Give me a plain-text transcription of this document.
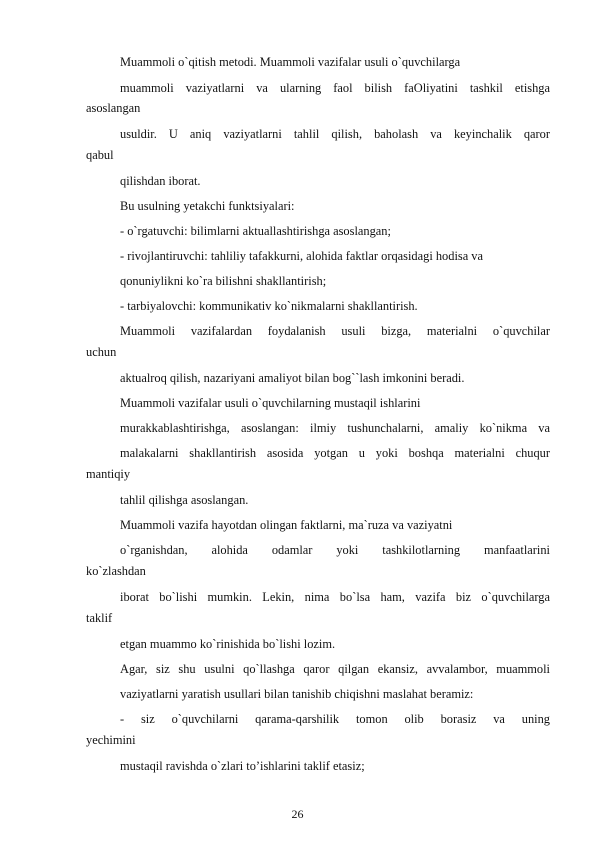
Muammoli o`qitish metodi. Muammoli vazifalar usuli o`quvchilarga
muammoli vaziyatlarni va ularning faol bilish faOliyatini tashkil etishga
asoslangan
usuldir. U aniq vaziyatlarni tahlil qilish, baholash va keyinchalik qaror
qabul
qilishdan iborat.
Bu usulning yetakchi funktsiyalari:
- o`rgatuvchi: bilimlarni aktuallashtirishga asoslangan;
- rivojlantiruvchi: tahliliy tafakkurni, alohida faktlar orqasidagi hodisa va
qonuniylikni ko`ra bilishni shakllantirish;
- tarbiyalovchi: kommunikativ ko`nikmalarni shakllantirish.
Muammoli vazifalardan foydalanish usuli bizga, materialni o`quvchilar
uchun
aktualroq qilish, nazariyani amaliyot bilan bog``lash imkonini beradi.
Muammoli vazifalar usuli o`quvchilarning mustaqil ishlarini
murakkablashtirishga, asoslangan: ilmiy tushunchalarni, amaliy ko`nikma va
malakalarni shakllantirish asosida yotgan u yoki boshqa materialni chuqur
mantiqiy
tahlil qilishga asoslangan.
Muammoli vazifa hayotdan olingan faktlarni, ma`ruza va vaziyatni
o`rganishdan, alohida odamlar yoki tashkilotlarning manfaatlarini
ko`zlashdan
iborat bo`lishi mumkin. Lekin, nima bo`lsa ham, vazifa biz o`quvchilarga
taklif
etgan muammo ko`rinishida bo`lishi lozim.
Agar, siz shu usulni qo`llashga qaror qilgan ekansiz, avvalambor, muammoli
vaziyatlarni yaratish usullari bilan tanishib chiqishni maslahat beramiz:
- siz o`quvchilarni qarama-qarshilik tomon olib borasiz va uning
yechimini
mustaqil ravishda o`zlari to’ishlarini taklif etasiz;
26
